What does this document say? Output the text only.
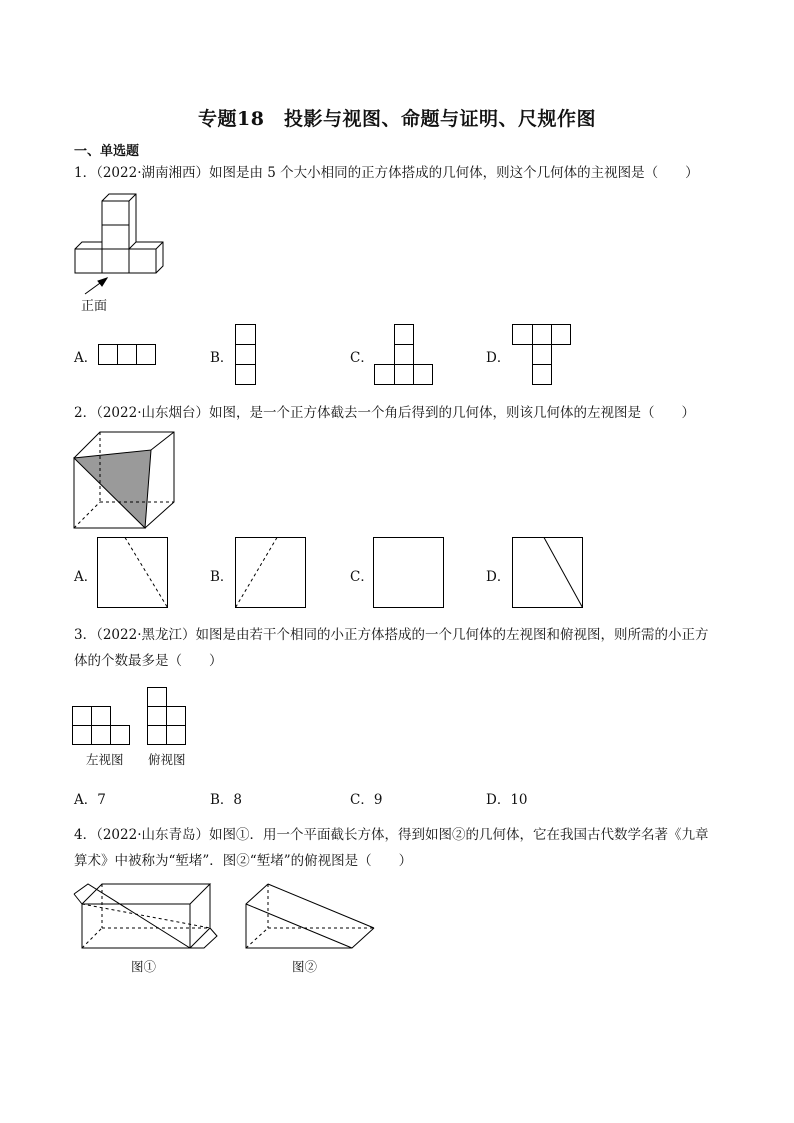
专题18　投影与视图、命题与证明、尺规作图
一、单选题
1．（2022·湖南湘西）如图是由 5 个大小相同的正方体搭成的几何体，则这个几何体的主视图是（　　）
正面
A．	B．	C．	D．
2．（2022·山东烟台）如图，是一个正方体截去一个角后得到的几何体，则该几何体的左视图是（　　）
A．	B．	C．	D．
3．（2022·黑龙江）如图是由若干个相同的小正方体搭成的一个几何体的左视图和俯视图，则所需的小正方
体的个数最多是（　　）
左视图 俯视图
A．7	B．8	C．9	D．10
4．（2022·山东青岛）如图①．用一个平面截长方体，得到如图②的几何体，它在我国古代数学名著《九章
算术》中被称为“堑堵”．图②“堑堵”的俯视图是（　　）
图①	图②
